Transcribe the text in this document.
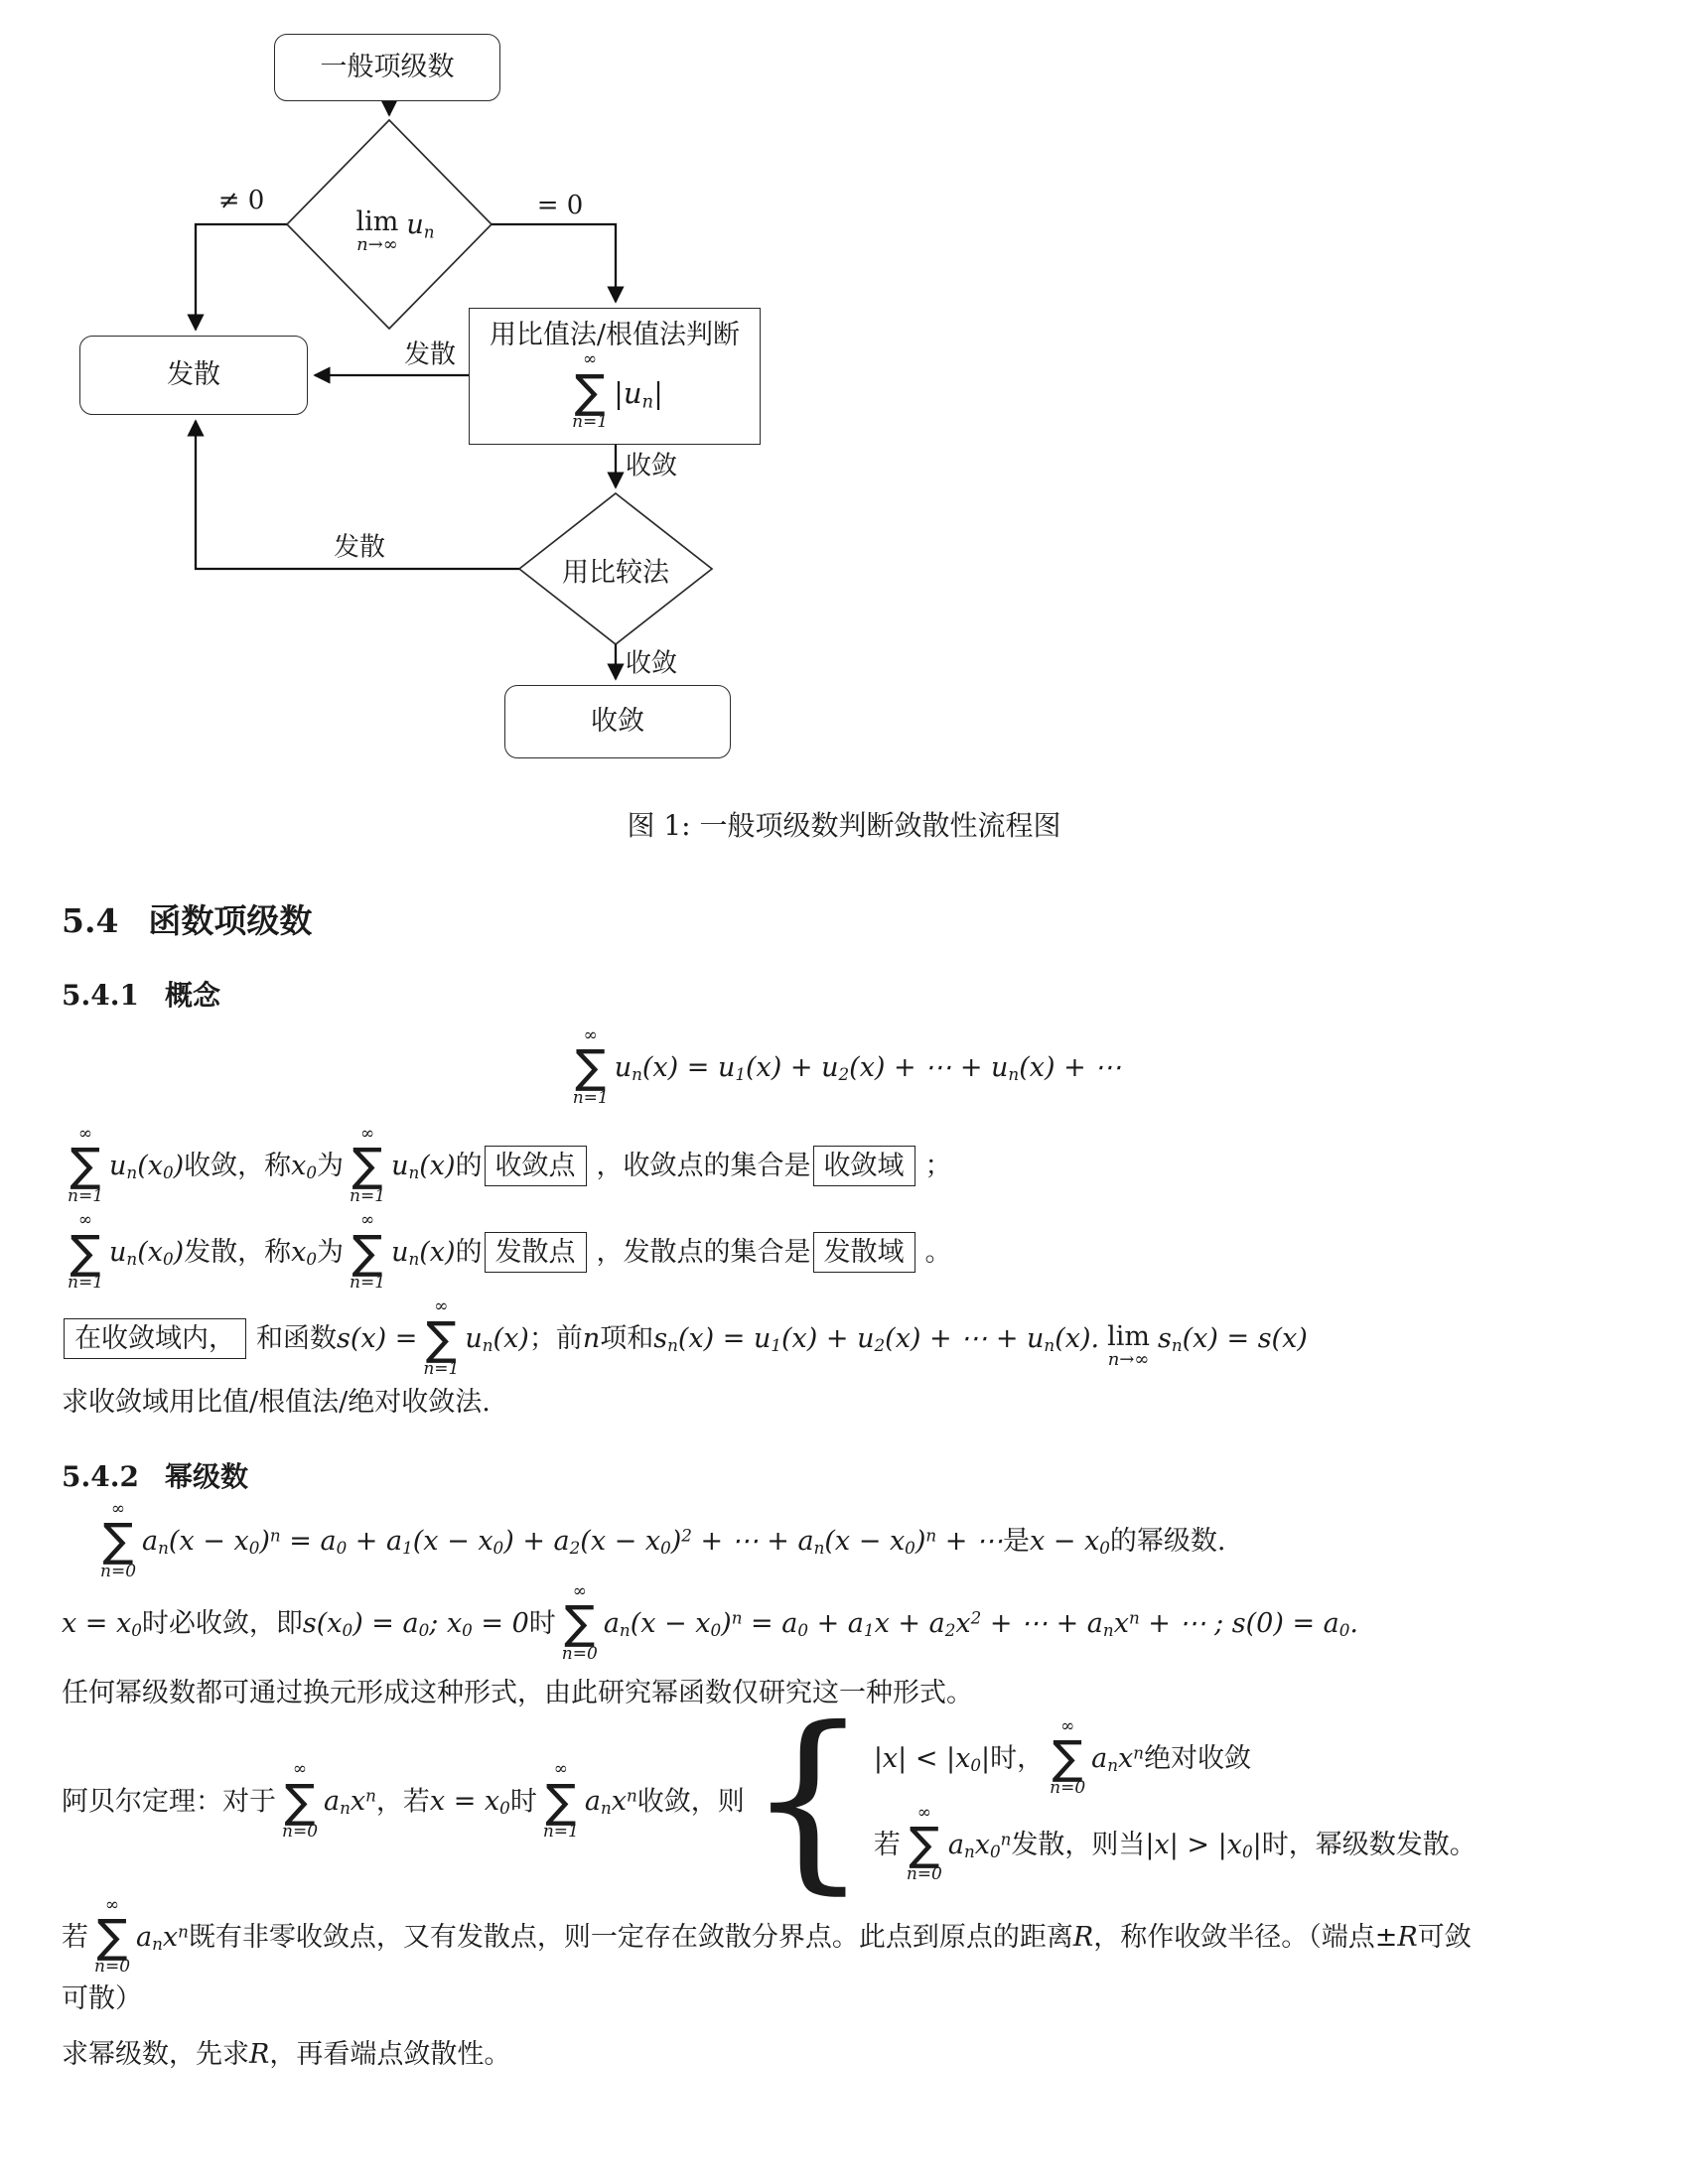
一般项级数
lim
n→∞
$u_n$
发散
用比值法/根值法判断
∞
∑
n=1
$|u_n|$
用比较法
收敛
≠ 0	= 0
发散
收敛
发散
收敛
图 1: 一般项级数判断敛散性流程图
5.4 函数项级数
5.4.1 概念
∞
∑
n=1
$u_n(x) = u_1(x) + u_2(x)$ + ⋯ + $u_n(x)$ + ⋯
∞
∑
n=1
$u_n(x_0)$收敛，称$x_0$为
∞
∑
n=1
$u_n(x)$的 收敛点 ，收敛点的集合是 收敛域 ；
∞
∑
n=1
$u_n(x_0)$发散，称$x_0$为
∞
∑
n=1
$u_n(x)$的 发散点 ，发散点的集合是 发散域 。
在收敛域内， 和函数s(x) =
∞
∑
n=1
$u_n(x)$；前n项和$s_n(x) = u_1(x) + u_2(x)$ + ⋯ + $u_n(x)$. lim
n→∞
$s_n(x) = s(x)$
求收敛域用比值/根值法/绝对收敛法.
5.4.2 幂级数
∞
∑
n=0
$a_n(x - x_0)^n = a_0 + a_1(x - x_0) + a_2(x - x_0)^2$ + ⋯ + $a_n(x - x_0)^n$ + ⋯是$x - x_0$的幂级数.
$x = x_0$时必收敛，即$s(x_0) = a_0$; $x_0 = 0$时
∞
∑
n=0
$a_n(x - x_0)^n = a_0 + a_1x + a_2x^2$ + ⋯ + $a_nx^n$ + ⋯ ; $s(0) = a_0$.
任何幂级数都可通过换元形成这种形式，由此研究幂函数仅研究这一种形式。
阿贝尔定理：对于
∞
∑
n=0
$a_nx^n$，若$x = x_0$时
∞
∑
n=1
$a_nx^n$收敛，则 { $|x| < |x_0|$时，
∞
∑
n=0
$a_nx^n$绝对收敛
若
∞
∑
n=0
$a_nx_0^n$发散，则当$|x| > |x_0|$时，幂级数发散。
若
∞
∑
n=0
$a_nx^n$既有非零收敛点，又有发散点，则一定存在敛散分界点。此点到原点的距离R，称作收敛半径。（端点±R可敛
可散）
求幂级数，先求R，再看端点敛散性。
